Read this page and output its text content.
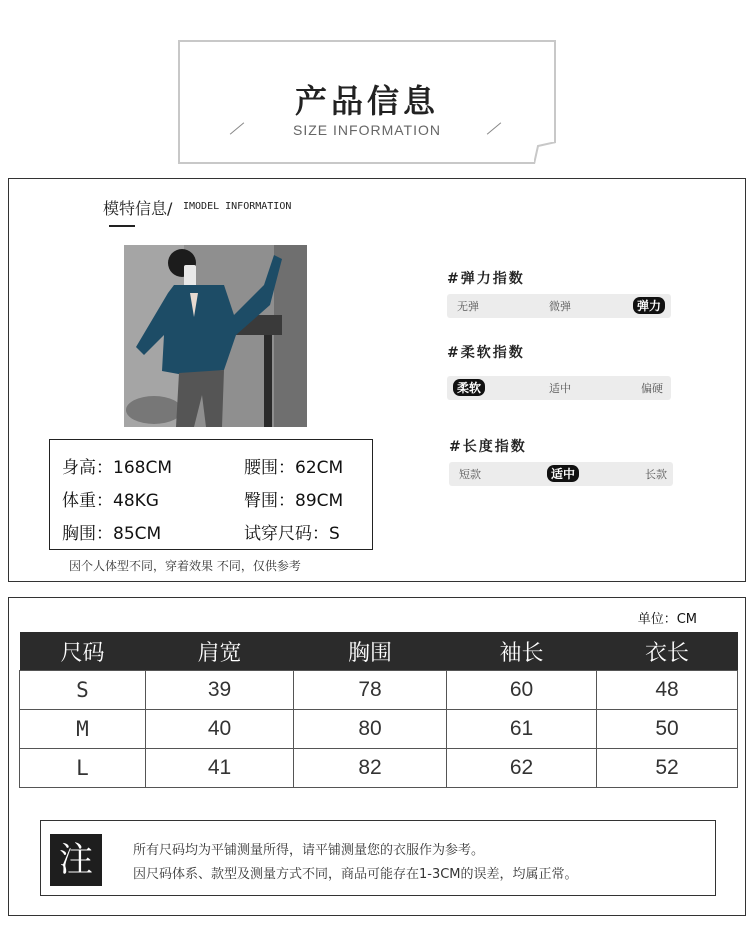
产品信息
SIZE INFORMATION
模特信息/ IMODEL INFORMATION
身高：168CM	腰围：62CM
体重：48KG	臀围：89CM
胸围：85CM	试穿尺码：S
因个人体型不同，穿着效果 不同，仅供参考
#弹力指数
无弹	微弹	弹力
#柔软指数
柔软	适中	偏硬
#长度指数
短款	适中	长款
单位：CM
尺码	肩宽	胸围	袖长	衣长
S	39	78	60	48
M	40	80	61	50
L	41	82	62	52
注	所有尺码均为平铺测量所得，请平铺测量您的衣服作为参考。
因尺码体系、款型及测量方式不同，商品可能存在1-3CM的误差，均属正常。
